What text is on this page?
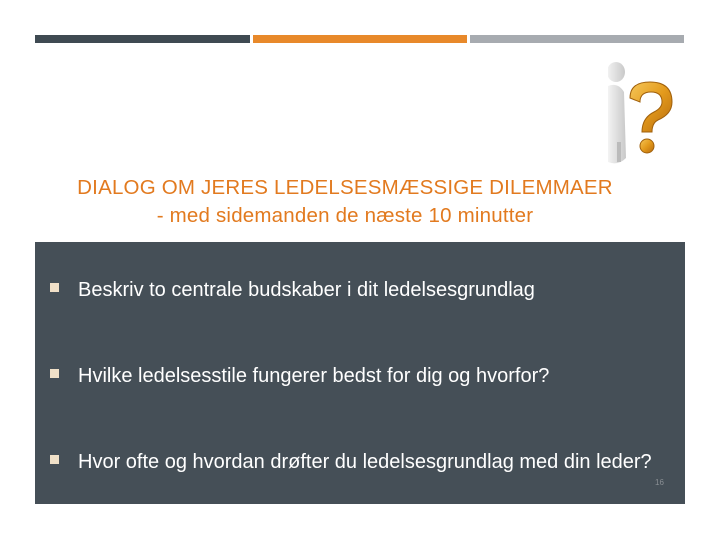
DIALOG OM JERES LEDELSESMÆSSIGE DILEMMAER
- med sidemanden de næste 10 minutter
Beskriv to centrale budskaber i dit ledelsesgrundlag
Hvilke ledelsesstile fungerer bedst for dig og hvorfor?
Hvor ofte og hvordan drøfter du ledelsesgrundlag med din leder?
16
